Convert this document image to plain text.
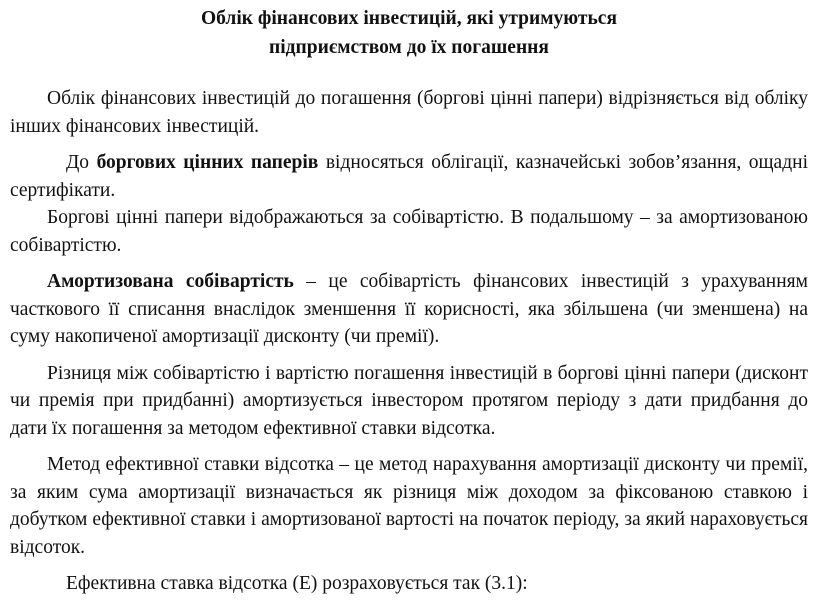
Облік фінансових інвестицій, які утримуються підприємством до їх погашення

Облік фінансових інвестицій до погашення (боргові цінні папери) відрізняється від обліку інших фінансових інвестицій.

До боргових цінних паперів відносяться облігації, казначейські зобов’язання, ощадні сертифікати.

Боргові цінні папери відображаються за собівартістю. В подальшому – за амортизованою собівартістю.

Амортизована собівартість – це собівартість фінансових інвестицій з урахуванням часткового її списання внаслідок зменшення її корисності, яка збільшена (чи зменшена) на суму накопиченої амортизації дисконту (чи премії).

Різниця між собівартістю і вартістю погашення інвестицій в боргові цінні папери (дисконт чи премія при придбанні) амортизується інвестором протягом періоду з дати придбання до дати їх погашення за методом ефективної ставки відсотка.

Метод ефективної ставки відсотка – це метод нарахування амортизації дисконту чи премії, за яким сума амортизації визначається як різниця між доходом за фіксованою ставкою і добутком ефективної ставки і амортизованої вартості на початок періоду, за який нараховується відсоток.

Ефективна ставка відсотка (Е) розраховується так (3.1):
